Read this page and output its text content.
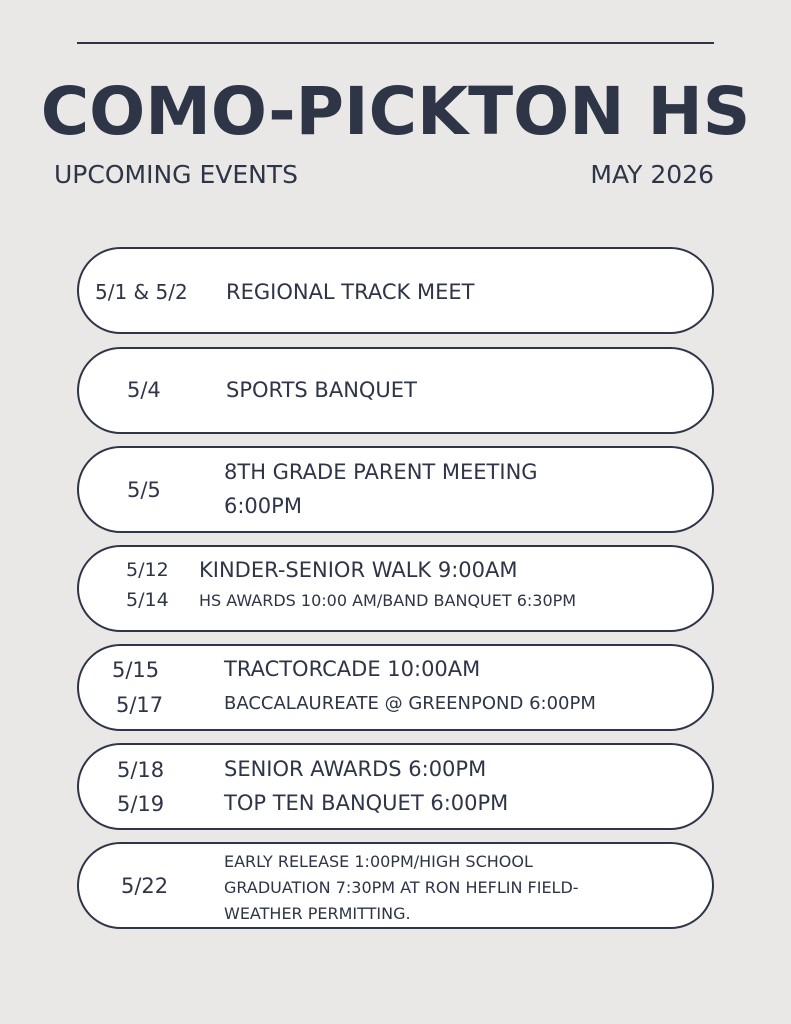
COMO-PICKTON HS
UPCOMING EVENTS	MAY 2026
5/1 & 5/2 REGIONAL TRACK MEET
5/4	SPORTS BANQUET
5/5
8TH GRADE PARENT MEETING
6:00PM
5/12
5/14
KINDER-SENIOR WALK 9:00AM
HS AWARDS 10:00 AM/BAND BANQUET 6:30PM
5/15
5/17
TRACTORCADE 10:00AM
BACCALAUREATE @ GREENPOND 6:00PM
5/18
5/19
SENIOR AWARDS 6:00PM
TOP TEN BANQUET 6:00PM
5/22
EARLY RELEASE 1:00PM/HIGH SCHOOL
GRADUATION 7:30PM AT RON HEFLIN FIELD-
WEATHER PERMITTING.
